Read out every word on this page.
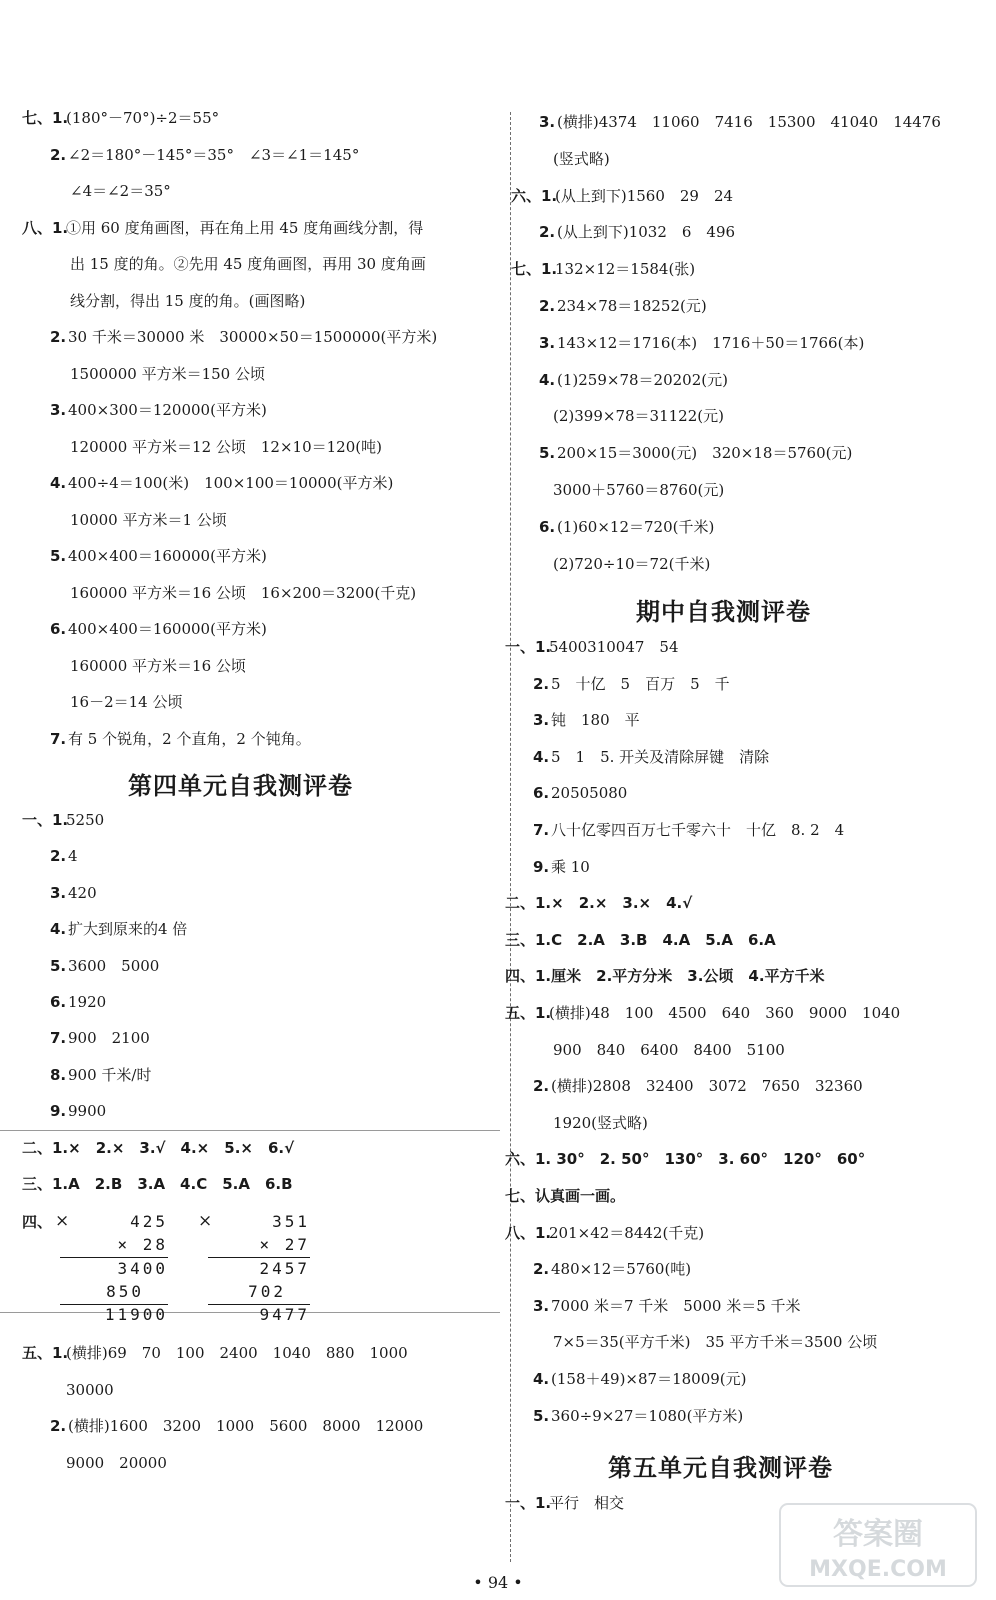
七、1.
(180°－70°)÷2＝55°
2. ∠2＝180°－145°＝35°　∠3＝∠1＝145°
∠4＝∠2＝35°
八、1.
①用 60 度角画图，再在角上用 45 度角画线分割，得
出 15 度的角。②先用 45 度角画图，再用 30 度角画
线分割，得出 15 度的角。(画图略)
2. 30 千米＝30000 米　30000×50＝1500000(平方米)
1500000 平方米＝150 公顷
3. 400×300＝120000(平方米)
120000 平方米＝12 公顷　12×10＝120(吨)
4. 400÷4＝100(米)　100×100＝10000(平方米)
10000 平方米＝1 公顷
5. 400×400＝160000(平方米)
160000 平方米＝16 公顷　16×200＝3200(千克)
6. 400×400＝160000(平方米)
160000 平方米＝16 公顷
16－2＝14 公顷
7. 有 5 个锐角，2 个直角，2 个钝角。
第四单元自我测评卷
一、1.
5250
2. 4
3. 420
4. 扩大到原来的4 倍
5. 3600　5000
6. 1920
7. 900　2100
8. 900 千米/时
9. 9900
二、1.×　2.×　3.√　4.×　5.×　6.√
三、1.A　2.B　3.A　4.C　5.A　6.B
四、 ×	×
425
× 28
3400
850
11900
351
× 27
2457
702
9477
五、1.
(横排)69　70　100　2400　1040　880　1000
30000
2. (横排)1600　3200　1000　5600　8000　12000
9000　20000
3. (横排)4374　11060　7416　15300　41040　14476
(竖式略)
六、1.
(从上到下)1560　29　24
2. (从上到下)1032　6　496
七、1.
132×12＝1584(张)
2. 234×78＝18252(元)
3. 143×12＝1716(本)　1716＋50＝1766(本)
4. (1)259×78＝20202(元)
(2)399×78＝31122(元)
5. 200×15＝3000(元)　320×18＝5760(元)
3000＋5760＝8760(元)
6. (1)60×12＝720(千米)
(2)720÷10＝72(千米)
期中自我测评卷
一、1.
5400310047　54
2. 5　十亿　5　百万　5　千
3. 钝　180　平
4. 5　1　5. 开关及清除屏键　清除
6. 20505080
7. 八十亿零四百万七千零六十　十亿　8. 2　4
9. 乘 10
二、1.×　2.×　3.×　4.√
三、1.C　2.A　3.B　4.A　5.A　6.A
四、1.厘米　2.平方分米　3.公顷　4.平方千米
五、1.
(横排)48　100　4500　640　360　9000　1040
900　840　6400　8400　5100
2. (横排)2808　32400　3072　7650　32360
1920(竖式略)
六、1. 30°　2. 50°　130°　3. 60°　120°　60°
七、认真画一画。
八、1.
201×42＝8442(千克)
2. 480×12＝5760(吨)
3. 7000 米＝7 千米　5000 米＝5 千米
7×5＝35(平方千米)　35 平方千米＝3500 公顷
4. (158＋49)×87＝18009(元)
5. 360÷9×27＝1080(平方米)
第五单元自我测评卷
一、1.
平行　相交
• 94 •
答案圈
MXQE.COM
